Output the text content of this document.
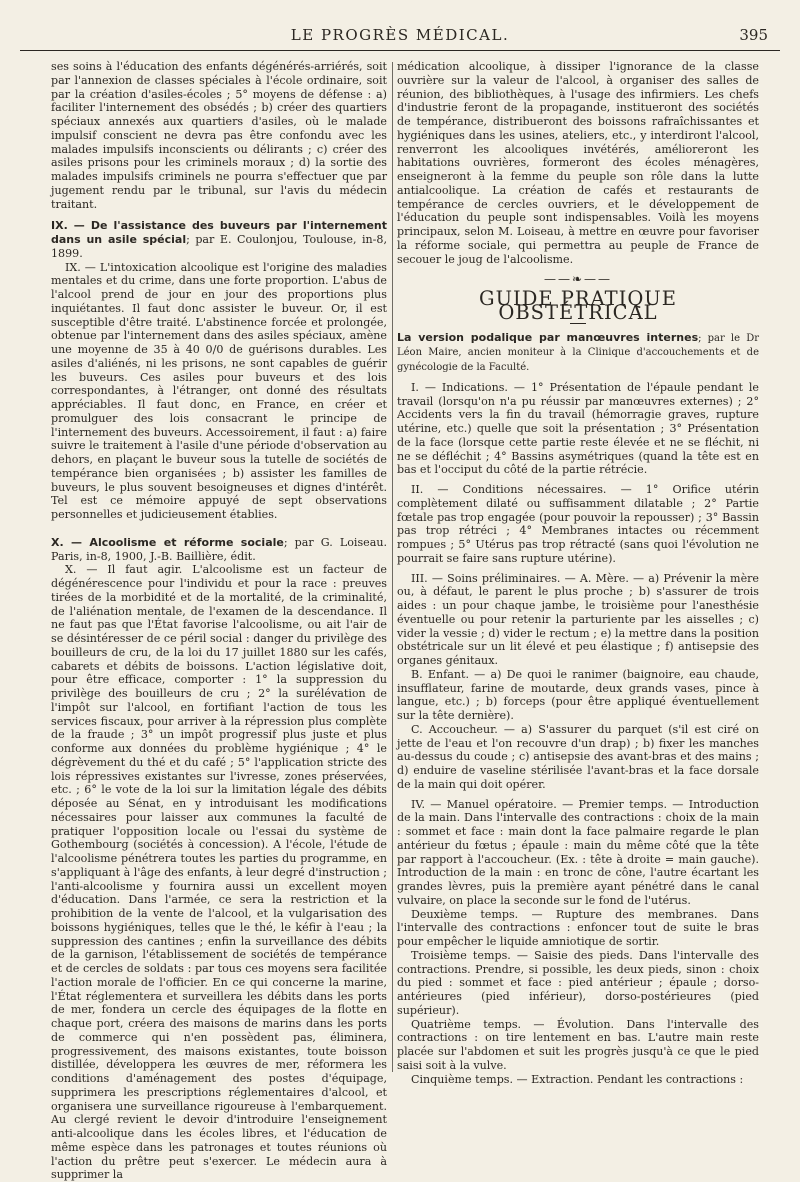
LE PROGRÈS MÉDICAL.	395

ses soins à l'éducation des enfants dégénérés-arriérés, soit par l'annexion de classes spéciales à l'école ordinaire, soit par la création d'asiles-écoles ; 5° moyens de défense : a) faciliter l'internement des obsédés ; b) créer des quartiers spéciaux annexés aux quartiers d'asiles, où le malade impulsif conscient ne devra pas être confondu avec les malades impulsifs inconscients ou délirants ; c) créer des asiles prisons pour les criminels moraux ; d) la sortie des malades impulsifs criminels ne pourra s'effectuer que par jugement rendu par le tribunal, sur l'avis du médecin traitant.

IX. — De l'assistance des buveurs par l'internement dans un asile spécial; par E. Coulonjou, Toulouse, in-8, 1899.

IX. — L'intoxication alcoolique est l'origine des maladies mentales et du crime, dans une forte proportion. L'abus de l'alcool prend de jour en jour des proportions plus inquiétantes. Il faut donc assister le buveur. Or, il est susceptible d'être traité. L'abstinence forcée et prolongée, obtenue par l'internement dans des asiles spéciaux, amène une moyenne de 35 à 40 0/0 de guérisons durables. Les asiles d'aliénés, ni les prisons, ne sont capables de guérir les buveurs. Ces asiles pour buveurs et des lois correspondantes, à l'étranger, ont donné des résultats appréciables. Il faut donc, en France, en créer et promulguer des lois consacrant le principe de l'internement des buveurs. Accessoirement, il faut : a) faire suivre le traitement à l'asile d'une période d'observation au dehors, en plaçant le buveur sous la tutelle de sociétés de tempérance bien organisées ; b) assister les familles de buveurs, le plus souvent besoigneuses et dignes d'intérêt. Tel est ce mémoire appuyé de sept observations personnelles et judicieusement établies.

X. — Alcoolisme et réforme sociale; par G. Loiseau. Paris, in-8, 1900, J.-B. Baillière, édit.

X. — Il faut agir. L'alcoolisme est un facteur de dégénérescence pour l'individu et pour la race : preuves tirées de la morbidité et de la mortalité, de la criminalité, de l'aliénation mentale, de l'examen de la descendance. Il ne faut pas que l'État favorise l'alcoolisme, ou ait l'air de se désintéresser de ce péril social : danger du privilège des bouilleurs de cru, de la loi du 17 juillet 1880 sur les cafés, cabarets et débits de boissons. L'action législative doit, pour être efficace, comporter : 1° la suppression du privilège des bouilleurs de cru ; 2° la surélévation de l'impôt sur l'alcool, en fortifiant l'action de tous les services fiscaux, pour arriver à la répression plus complète de la fraude ; 3° un impôt progressif plus juste et plus conforme aux données du problème hygiénique ; 4° le dégrèvement du thé et du café ; 5° l'application stricte des lois répressives existantes sur l'ivresse, zones préservées, etc. ; 6° le vote de la loi sur la limitation légale des débits déposée au Sénat, en y introduisant les modifications nécessaires pour laisser aux communes la faculté de pratiquer l'opposition locale ou l'essai du système de Gothembourg (sociétés à concession). A l'école, l'étude de l'alcoolisme pénétrera toutes les parties du programme, en s'appliquant à l'âge des enfants, à leur degré d'instruction ; l'anti-alcoolisme y fournira aussi un excellent moyen d'éducation. Dans l'armée, ce sera la restriction et la prohibition de la vente de l'alcool, et la vulgarisation des boissons hygiéniques, telles que le thé, le kéfir à l'eau ; la suppression des cantines ; enfin la surveillance des débits de la garnison, l'établissement de sociétés de tempérance et de cercles de soldats : par tous ces moyens sera facilitée l'action morale de l'officier. En ce qui concerne la marine, l'État réglementera et surveillera les débits dans les ports de mer, fondera un cercle des équipages de la flotte en chaque port, créera des maisons de marins dans les ports de commerce qui n'en possèdent pas, éliminera, progressivement, des maisons existantes, toute boisson distillée, développera les œuvres de mer, réformera les conditions d'aménagement des postes d'équipage, supprimera les prescriptions réglementaires d'alcool, et organisera une surveillance rigoureuse à l'embarquement. Au clergé revient le devoir d'introduire l'enseignement anti-alcoolique dans les écoles libres, et l'éducation de même espèce dans les patronages et toutes réunions où l'action du prêtre peut s'exercer. Le médecin aura à supprimer la

médication alcoolique, à dissiper l'ignorance de la classe ouvrière sur la valeur de l'alcool, à organiser des salles de réunion, des bibliothèques, à l'usage des infirmiers. Les chefs d'industrie feront de la propagande, institueront des sociétés de tempérance, distribueront des boissons rafraîchissantes et hygiéniques dans les usines, ateliers, etc., y interdiront l'alcool, renverront les alcooliques invétérés, amélioreront les habitations ouvrières, formeront des écoles ménagères, enseigneront à la femme du peuple son rôle dans la lutte antialcoolique. La création de cafés et restaurants de tempérance de cercles ouvriers, et le développement de l'éducation du peuple sont indispensables. Voilà les moyens principaux, selon M. Loiseau, à mettre en œuvre pour favoriser la réforme sociale, qui permettra au peuple de France de secouer le joug de l'alcoolisme.

——❧——
GUIDE PRATIQUE OBSTÉTRICAL

La version podalique par manœuvres internes; par le Dr Léon Maire, ancien moniteur à la Clinique d'accouchements et de gynécologie de la Faculté.

I. — Indications. — 1° Présentation de l'épaule pendant le travail (lorsqu'on n'a pu réussir par manœuvres externes) ; 2° Accidents vers la fin du travail (hémorragie graves, rupture utérine, etc.) quelle que soit la présentation ; 3° Présentation de la face (lorsque cette partie reste élevée et ne se fléchit, ni ne se défléchit ; 4° Bassins asymétriques (quand la tête est en bas et l'occiput du côté de la partie rétrécie.

II. — Conditions nécessaires. — 1° Orifice utérin complètement dilaté ou suffisamment dilatable ; 2° Partie fœtale pas trop engagée (pour pouvoir la repousser) ; 3° Bassin pas trop rétréci ; 4° Membranes intactes ou récemment rompues ; 5° Utérus pas trop rétracté (sans quoi l'évolution ne pourrait se faire sans rupture utérine).

III. — Soins préliminaires. — A. Mère. — a) Prévenir la mère ou, à défaut, le parent le plus proche ; b) s'assurer de trois aides : un pour chaque jambe, le troisième pour l'anesthésie éventuelle ou pour retenir la parturiente par les aisselles ; c) vider la vessie ; d) vider le rectum ; e) la mettre dans la position obstétricale sur un lit élevé et peu élastique ; f) antisepsie des organes génitaux.

B. Enfant. — a) De quoi le ranimer (baignoire, eau chaude, insufflateur, farine de moutarde, deux grands vases, pince à langue, etc.) ; b) forceps (pour être appliqué éventuellement sur la tête dernière).

C. Accoucheur. — a) S'assurer du parquet (s'il est ciré on jette de l'eau et l'on recouvre d'un drap) ; b) fixer les manches au-dessus du coude ; c) antisepsie des avant-bras et des mains ; d) enduire de vaseline stérilisée l'avant-bras et la face dorsale de la main qui doit opérer.

IV. — Manuel opératoire. — Premier temps. — Introduction de la main. Dans l'intervalle des contractions : choix de la main : sommet et face : main dont la face palmaire regarde le plan antérieur du fœtus ; épaule : main du même côté que la tête par rapport à l'accoucheur. (Ex. : tête à droite = main gauche). Introduction de la main : en tronc de cône, l'autre écartant les grandes lèvres, puis la première ayant pénétré dans le canal vulvaire, on place la seconde sur le fond de l'utérus.

Deuxième temps. — Rupture des membranes. Dans l'intervalle des contractions : enfoncer tout de suite le bras pour empêcher le liquide amniotique de sortir.

Troisième temps. — Saisie des pieds. Dans l'intervalle des contractions. Prendre, si possible, les deux pieds, sinon : choix du pied : sommet et face : pied antérieur ; épaule ; dorso-antérieures (pied inférieur), dorso-postérieures (pied supérieur).

Quatrième temps. — Évolution. Dans l'intervalle des contractions : on tire lentement en bas. L'autre main reste placée sur l'abdomen et suit les progrès jusqu'à ce que le pied saisi soit à la vulve.

Cinquième temps. — Extraction. Pendant les contractions :
